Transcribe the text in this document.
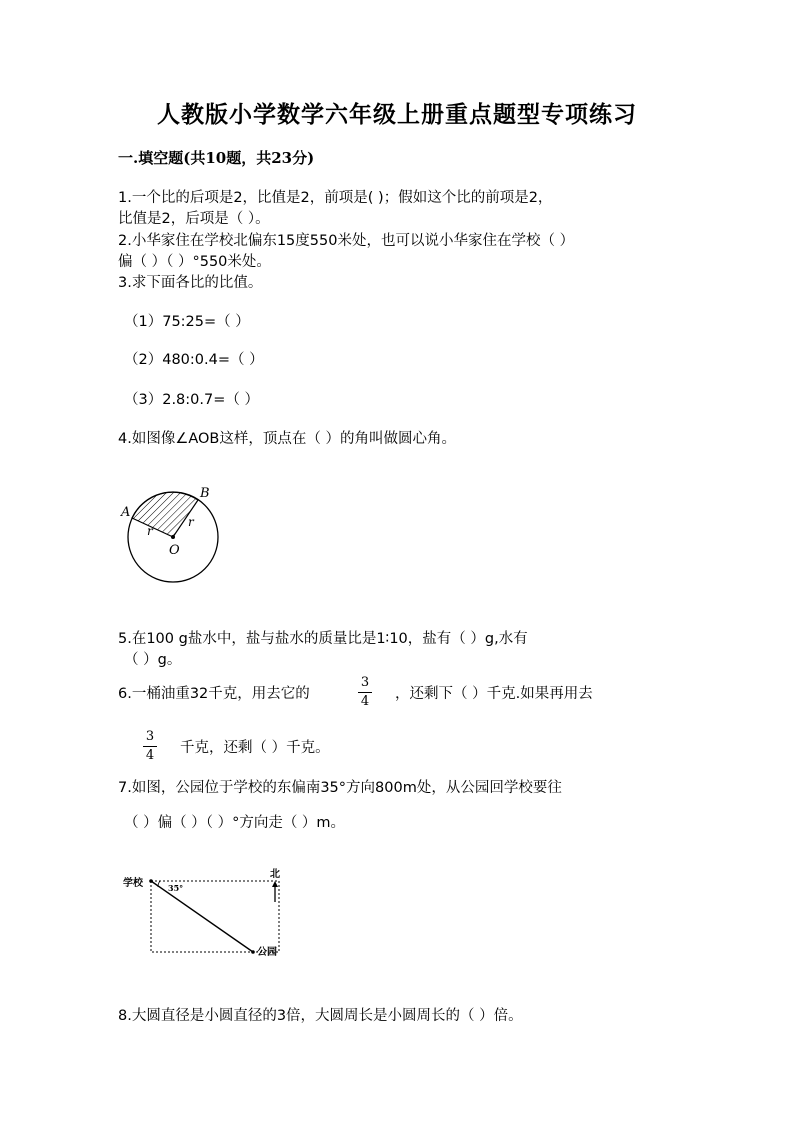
人教版小学数学六年级上册重点题型专项练习
一.填空题(共10题，共23分)
1.一个比的后项是2，比值是2，前项是( )；假如这个比的前项是2，
比值是2，后项是（ ）。
2.小华家住在学校北偏东15度550米处，也可以说小华家住在学校（ ）
偏（ ）（ ）°550米处。
3.求下面各比的比值。
（1）75:25=（ ）
（2）480:0.4=（ ）
（3）2.8:0.7=（ ）
4.如图像∠AOB这样，顶点在（ ）的角叫做圆心角。
A
B
O
r
r
5.在100 g盐水中，盐与盐水的质量比是1∶10，盐有（ ）g,水有
（ ）g。
6.一桶油重32千克，用去它的
3
4	，还剩下（ ）千克.如果再用去
3
4	千克，还剩（ ）千克。
7.如图，公园位于学校的东偏南35°方向800m处，从公园回学校要往
（ ）偏（ ）（ ）°方向走（ ）m。
学校	35°
公园
北
8.大圆直径是小圆直径的3倍，大圆周长是小圆周长的（ ）倍。
